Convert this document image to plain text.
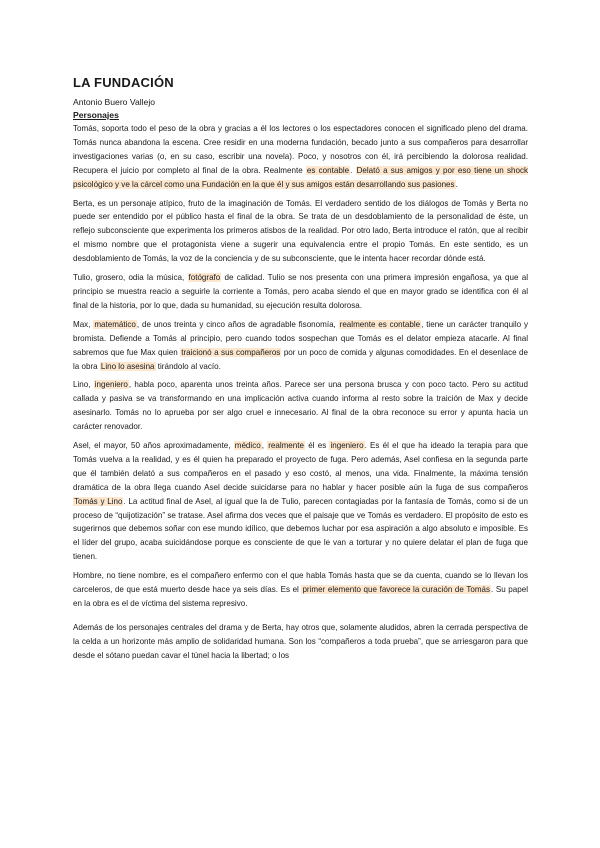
LA FUNDACIÓN
Antonio Buero Vallejo
Personajes

Tomás, soporta todo el peso de la obra y gracias a él los lectores o los espectadores conocen el significado pleno del drama. Tomás nunca abandona la escena. Cree residir en una moderna fundación, becado junto a sus compañeros para desarrollar investigaciones varias (o, en su caso, escribir una novela). Poco, y nosotros con él, irá percibiendo la dolorosa realidad. Recupera el juicio por completo al final de la obra. Realmente es contable. Delató a sus amigos y por eso tiene un shock psicológico y ve la cárcel como una Fundación en la que él y sus amigos están desarrollando sus pasiones.

Berta, es un personaje atípico, fruto de la imaginación de Tomás. El verdadero sentido de los diálogos de Tomás y Berta no puede ser entendido por el público hasta el final de la obra. Se trata de un desdoblamiento de la personalidad de éste, un reflejo subconsciente que experimenta los primeros atisbos de la realidad. Por otro lado, Berta introduce el ratón, que al recibir el mismo nombre que el protagonista viene a sugerir una equivalencia entre el propio Tomás. En este sentido, es un desdoblamiento de Tomás, la voz de la conciencia y de su subconsciente, que le intenta hacer recordar dónde está.

Tulio, grosero, odia la música, fotógrafo de calidad. Tulio se nos presenta con una primera impresión engañosa, ya que al principio se muestra reacio a seguirle la corriente a Tomás, pero acaba siendo el que en mayor grado se identifica con él al final de la historia, por lo que, dada su humanidad, su ejecución resulta dolorosa.

Max, matemático, de unos treinta y cinco años de agradable fisonomía, realmente es contable, tiene un carácter tranquilo y bromista. Defiende a Tomás al principio, pero cuando todos sospechan que Tomás es el delator empieza atacarle. Al final sabremos que fue Max quien traicionó a sus compañeros por un poco de comida y algunas comodidades. En el desenlace de la obra Lino lo asesina tirándolo al vacío.

Lino, ingeniero, habla poco, aparenta unos treinta años. Parece ser una persona brusca y con poco tacto. Pero su actitud callada y pasiva se va transformando en una implicación activa cuando informa al resto sobre la traición de Max y decide asesinarlo. Tomás no lo aprueba por ser algo cruel e innecesario. Al final de la obra reconoce su error y apunta hacia un carácter renovador.

Asel, el mayor, 50 años aproximadamente, médico, realmente él es ingeniero. Es él el que ha ideado la terapia para que Tomás vuelva a la realidad, y es él quien ha preparado el proyecto de fuga. Pero además, Asel confiesa en la segunda parte que él también delató a sus compañeros en el pasado y eso costó, al menos, una vida. Finalmente, la máxima tensión dramática de la obra llega cuando Asel decide suicidarse para no hablar y hacer posible aún la fuga de sus compañeros Tomás y Lino. La actitud final de Asel, al igual que la de Tulio, parecen contagiadas por la fantasía de Tomás, como si de un proceso de “quijotización” se tratase. Asel afirma dos veces que el paisaje que ve Tomás es verdadero. El propósito de esto es sugerirnos que debemos soñar con ese mundo idílico, que debemos luchar por esa aspiración a algo absoluto e imposible. Es el líder del grupo, acaba suicidándose porque es consciente de que le van a torturar y no quiere delatar el plan de fuga que tienen.

Hombre, no tiene nombre, es el compañero enfermo con el que habla Tomás hasta que se da cuenta, cuando se lo llevan los carceleros, de que está muerto desde hace ya seis días. Es el primer elemento que favorece la curación de Tomás. Su papel en la obra es el de víctima del sistema represivo.

Además de los personajes centrales del drama y de Berta, hay otros que, solamente aludidos, abren la cerrada perspectiva de la celda a un horizonte más amplio de solidaridad humana. Son los “compañeros a toda prueba”, que se arriesgaron para que desde el sótano puedan cavar el túnel hacia la libertad; o los
